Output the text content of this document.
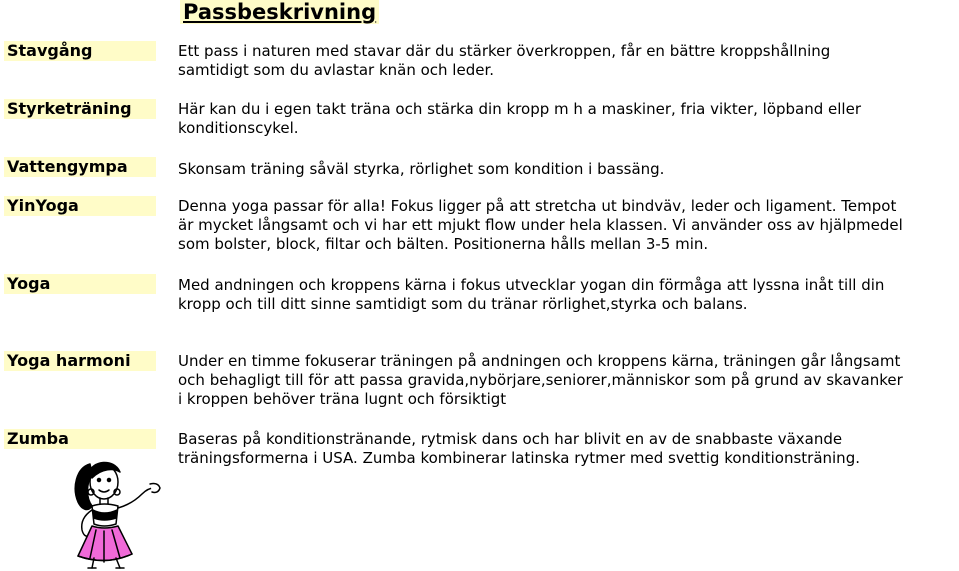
Passbeskrivning
Stavgång	Ett pass i naturen med stavar där du stärker överkroppen, får en bättre kroppshållning
samtidigt som du avlastar knän och leder.
Styrketräning	Här kan du i egen takt träna och stärka din kropp m h a maskiner, fria vikter, löpband eller
konditionscykel.
Vattengympa	Skonsam träning såväl styrka, rörlighet som kondition i bassäng.
YinYoga	Denna yoga passar för alla! Fokus ligger på att stretcha ut bindväv, leder och ligament. Tempot
är mycket långsamt och vi har ett mjukt flow under hela klassen. Vi använder oss av hjälpmedel
som bolster, block, filtar och bälten. Positionerna hålls mellan 3-5 min.
Yoga	Med andningen och kroppens kärna i fokus utvecklar yogan din förmåga att lyssna inåt till din
kropp och till ditt sinne samtidigt som du tränar rörlighet,styrka och balans.
Yoga harmoni	Under en timme fokuserar träningen på andningen och kroppens kärna, träningen går långsamt
och behagligt till för att passa gravida,nybörjare,seniorer,människor som på grund av skavanker
i kroppen behöver träna lugnt och försiktigt
Zumba	Baseras på konditionstränande, rytmisk dans och har blivit en av de snabbaste växande
träningsformerna i USA. Zumba kombinerar latinska rytmer med svettig konditionsträning.
